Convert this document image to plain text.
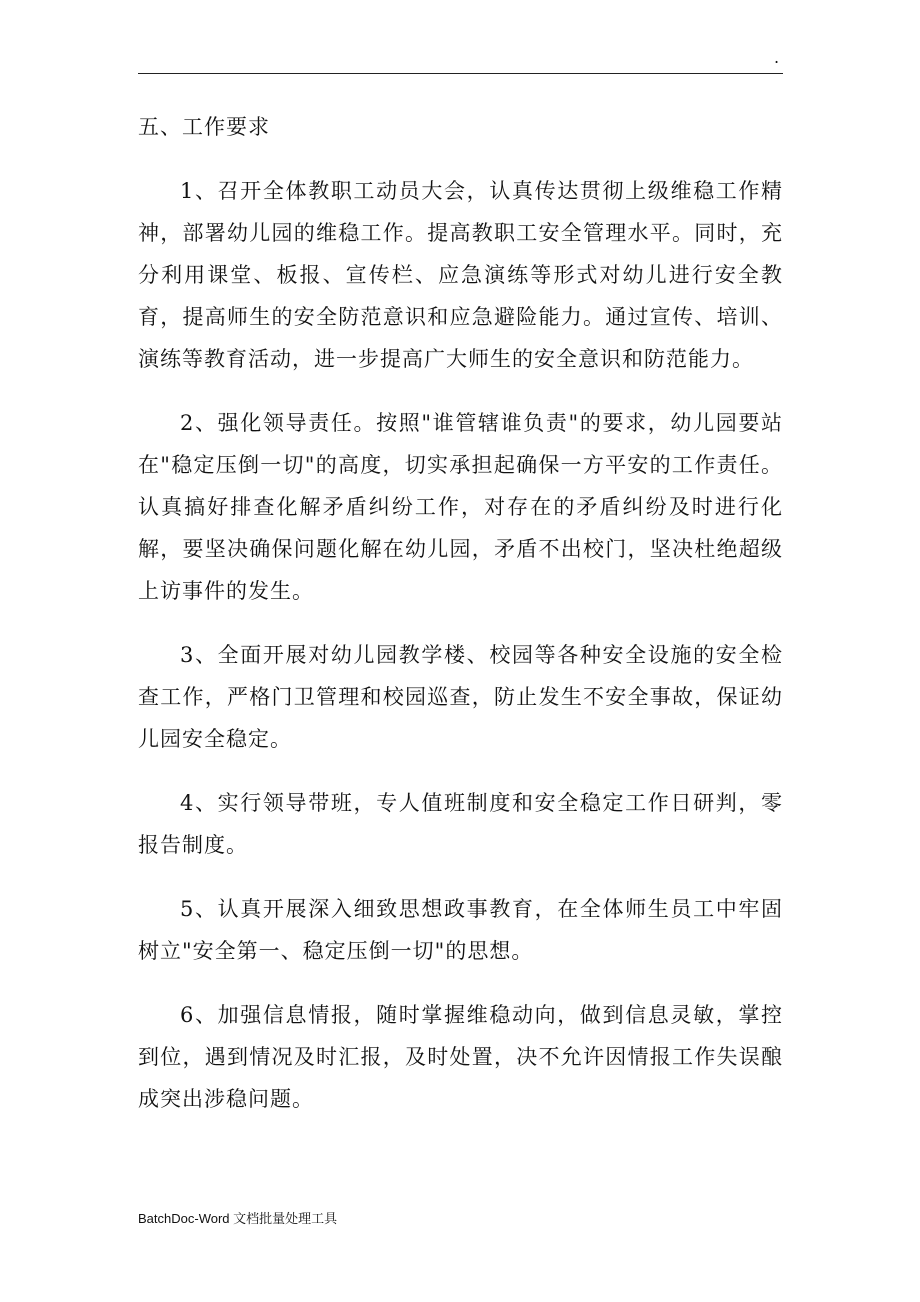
.
五、工作要求

1、召开全体教职工动员大会，认真传达贯彻上级维稳工作精神，部署幼儿园的维稳工作。提高教职工安全管理水平。同时，充分利用课堂、板报、宣传栏、应急演练等形式对幼儿进行安全教育，提高师生的安全防范意识和应急避险能力。通过宣传、培训、演练等教育活动，进一步提高广大师生的安全意识和防范能力。

2、强化领导责任。按照"谁管辖谁负责"的要求，幼儿园要站在"稳定压倒一切"的高度，切实承担起确保一方平安的工作责任。认真搞好排查化解矛盾纠纷工作，对存在的矛盾纠纷及时进行化解，要坚决确保问题化解在幼儿园，矛盾不出校门，坚决杜绝超级上访事件的发生。

3、全面开展对幼儿园教学楼、校园等各种安全设施的安全检查工作，严格门卫管理和校园巡查，防止发生不安全事故，保证幼儿园安全稳定。

4、实行领导带班，专人值班制度和安全稳定工作日研判，零报告制度。

5、认真开展深入细致思想政事教育，在全体师生员工中牢固树立"安全第一、稳定压倒一切"的思想。

6、加强信息情报，随时掌握维稳动向，做到信息灵敏，掌控到位，遇到情况及时汇报，及时处置，决不允许因情报工作失误酿成突出涉稳问题。

BatchDoc-Word 文档批量处理工具
